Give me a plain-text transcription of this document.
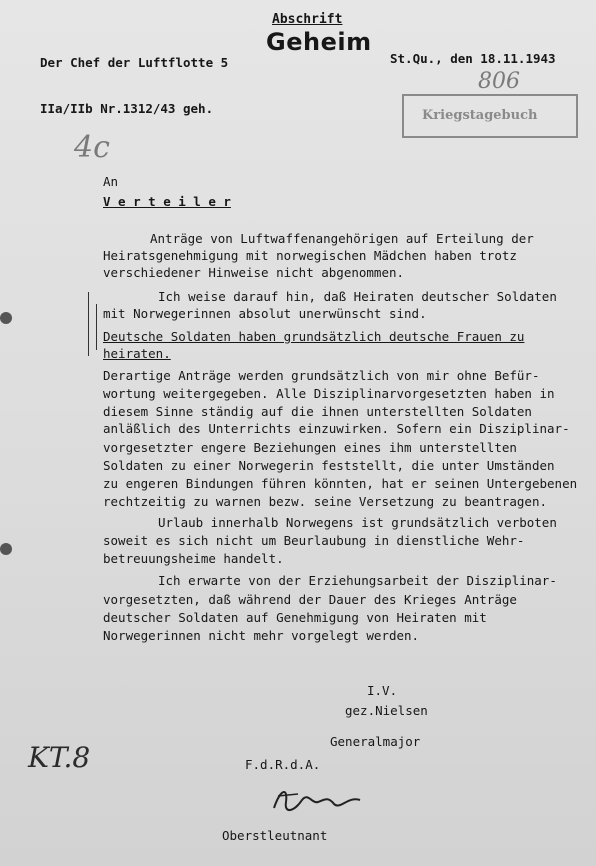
Abschrift
Geheim
Der Chef der Luftflotte 5	St.Qu., den 18.11.1943
806
IIa/IIb Nr.1312/43 geh.
4c
Kriegstagebuch
An
V e r t e i l e r
Anträge von Luftwaffenangehörigen auf Erteilung der
Heiratsgenehmigung mit norwegischen Mädchen haben trotz
verschiedener Hinweise nicht abgenommen.
Ich weise darauf hin, daß Heiraten deutscher Soldaten
mit Norwegerinnen absolut unerwünscht sind.
Deutsche Soldaten haben grundsätzlich deutsche Frauen zu
heiraten.
Derartige Anträge werden grundsätzlich von mir ohne Befür-
wortung weitergegeben. Alle Disziplinarvorgesetzten haben in
diesem Sinne ständig auf die ihnen unterstellten Soldaten
anläßlich des Unterrichts einzuwirken. Sofern ein Disziplinar-
vorgesetzter engere Beziehungen eines ihm unterstellten
Soldaten zu einer Norwegerin feststellt, die unter Umständen
zu engeren Bindungen führen könnten, hat er seinen Untergebenen
rechtzeitig zu warnen bezw. seine Versetzung zu beantragen.
Urlaub innerhalb Norwegens ist grundsätzlich verboten
soweit es sich nicht um Beurlaubung in dienstliche Wehr-
betreuungsheime handelt.
Ich erwarte von der Erziehungsarbeit der Disziplinar-
vorgesetzten, daß während der Dauer des Krieges Anträge
deutscher Soldaten auf Genehmigung von Heiraten mit
Norwegerinnen nicht mehr vorgelegt werden.
I.V.
gez.Nielsen
Generalmajor
KT.8	F.d.R.d.A.
Oberstleutnant
